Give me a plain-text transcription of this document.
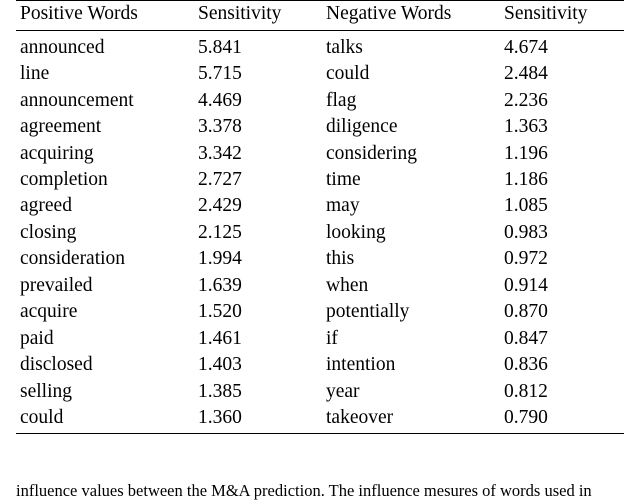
Positive Words	Sensitivity	Negative Words	Sensitivity
announced	5.841	talks	4.674
line	5.715	could	2.484
announcement	4.469	flag	2.236
agreement	3.378	diligence	1.363
acquiring	3.342	considering	1.196
completion	2.727	time	1.186
agreed	2.429	may	1.085
closing	2.125	looking	0.983
consideration	1.994	this	0.972
prevailed	1.639	when	0.914
acquire	1.520	potentially	0.870
paid	1.461	if	0.847
disclosed	1.403	intention	0.836
selling	1.385	year	0.812
could	1.360	takeover	0.790
influence values between the M&A prediction. The influence mesures of words used in
